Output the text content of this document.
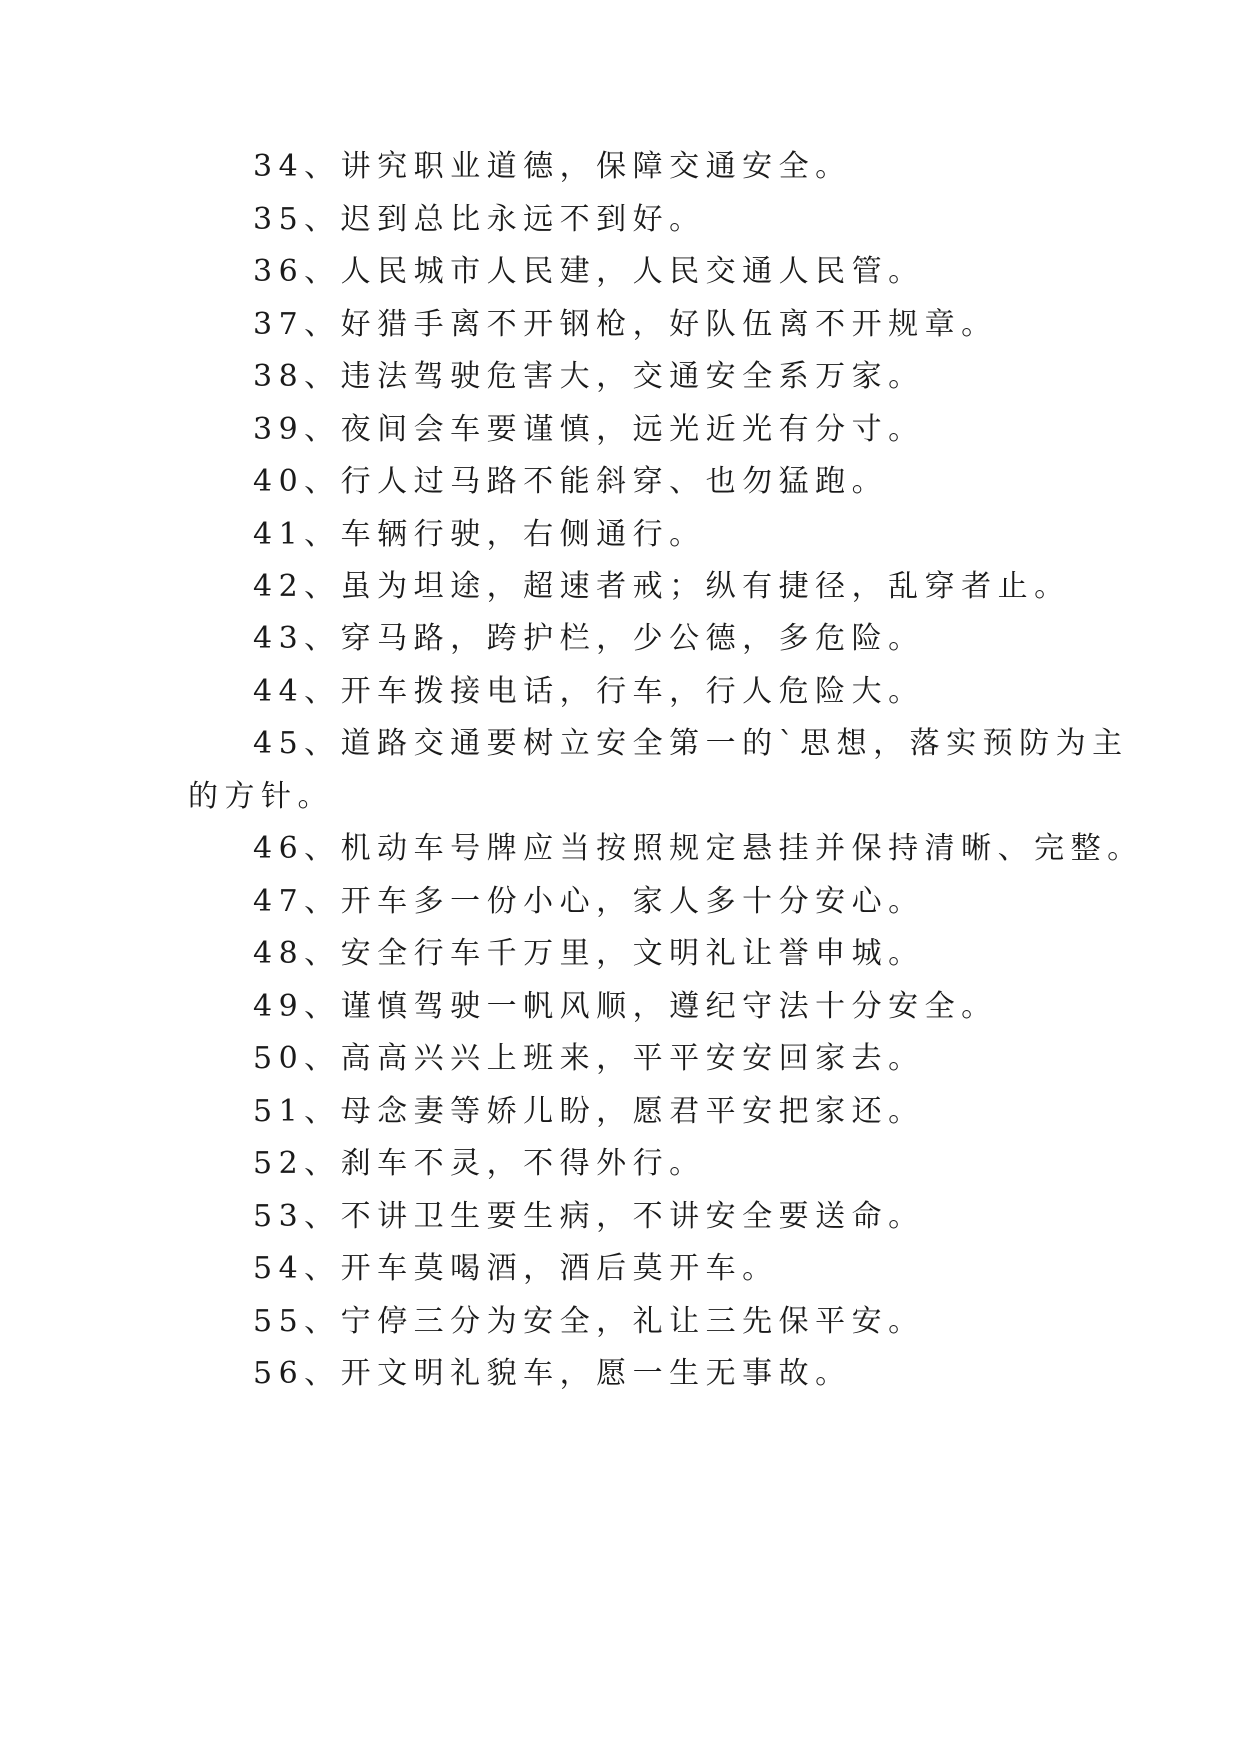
34、讲究职业道德，保障交通安全。
35、迟到总比永远不到好。
36、人民城市人民建，人民交通人民管。
37、好猎手离不开钢枪，好队伍离不开规章。
38、违法驾驶危害大，交通安全系万家。
39、夜间会车要谨慎，远光近光有分寸。
40、行人过马路不能斜穿、也勿猛跑。
41、车辆行驶，右侧通行。
42、虽为坦途，超速者戒；纵有捷径，乱穿者止。
43、穿马路，跨护栏，少公德，多危险。
44、开车拨接电话，行车，行人危险大。
45、道路交通要树立安全第一的`思想，落实预防为主
的方针。
46、机动车号牌应当按照规定悬挂并保持清晰、完整。
47、开车多一份小心，家人多十分安心。
48、安全行车千万里，文明礼让誉申城。
49、谨慎驾驶一帆风顺，遵纪守法十分安全。
50、高高兴兴上班来，平平安安回家去。
51、母念妻等娇儿盼，愿君平安把家还。
52、刹车不灵，不得外行。
53、不讲卫生要生病，不讲安全要送命。
54、开车莫喝酒，酒后莫开车。
55、宁停三分为安全，礼让三先保平安。
56、开文明礼貌车，愿一生无事故。
